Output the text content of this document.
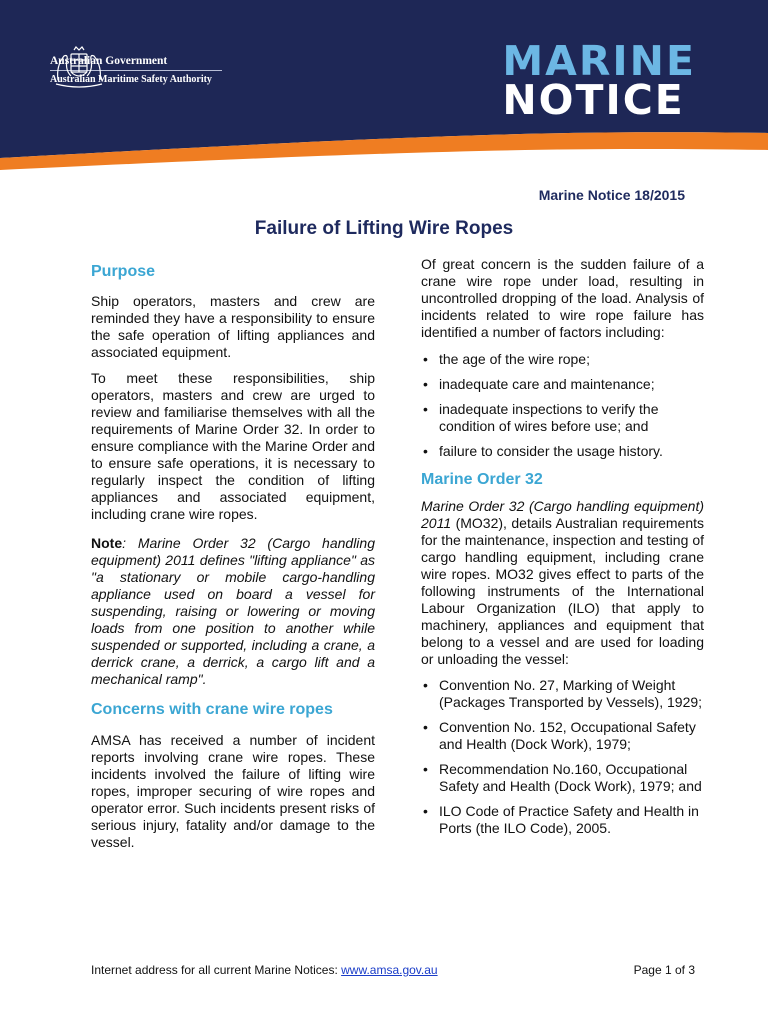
Australian Government
Australian Maritime Safety Authority	MARINE
NOTICE
Marine Notice 18/2015
Failure of Lifting Wire Ropes
Purpose

Ship operators, masters and crew are reminded they have a responsibility to ensure the safe operation of lifting appliances and associated equipment.

To meet these responsibilities, ship operators, masters and crew are urged to review and familiarise themselves with all the requirements of Marine Order 32. In order to ensure compliance with the Marine Order and to ensure safe operations, it is necessary to regularly inspect the condition of lifting appliances and associated equipment, including crane wire ropes.

Note: Marine Order 32 (Cargo handling equipment) 2011 defines "lifting appliance" as "a stationary or mobile cargo-handling appliance used on board a vessel for suspending, raising or lowering or moving loads from one position to another while suspended or supported, including a crane, a derrick crane, a derrick, a cargo lift and a mechanical ramp".

Concerns with crane wire ropes

AMSA has received a number of incident reports involving crane wire ropes. These incidents involved the failure of lifting wire ropes, improper securing of wire ropes and operator error. Such incidents present risks of serious injury, fatality and/or damage to the vessel.

Of great concern is the sudden failure of a crane wire rope under load, resulting in uncontrolled dropping of the load. Analysis of incidents related to wire rope failure has identified a number of factors including:

• the age of the wire rope;
• inadequate care and maintenance;
• inadequate inspections to verify the condition of wires before use; and
• failure to consider the usage history.
Marine Order 32

Marine Order 32 (Cargo handling equipment) 2011 (MO32), details Australian requirements for the maintenance, inspection and testing of cargo handling equipment, including crane wire ropes. MO32 gives effect to parts of the following instruments of the International Labour Organization (ILO) that apply to machinery, appliances and equipment that belong to a vessel and are used for loading or unloading the vessel:

• Convention No. 27, Marking of Weight (Packages Transported by Vessels), 1929;
• Convention No. 152, Occupational Safety and Health (Dock Work), 1979;
• Recommendation No.160, Occupational Safety and Health (Dock Work), 1979; and
• ILO Code of Practice Safety and Health in Ports (the ILO Code), 2005.
Internet address for all current Marine Notices: www.amsa.gov.au	Page 1 of 3
